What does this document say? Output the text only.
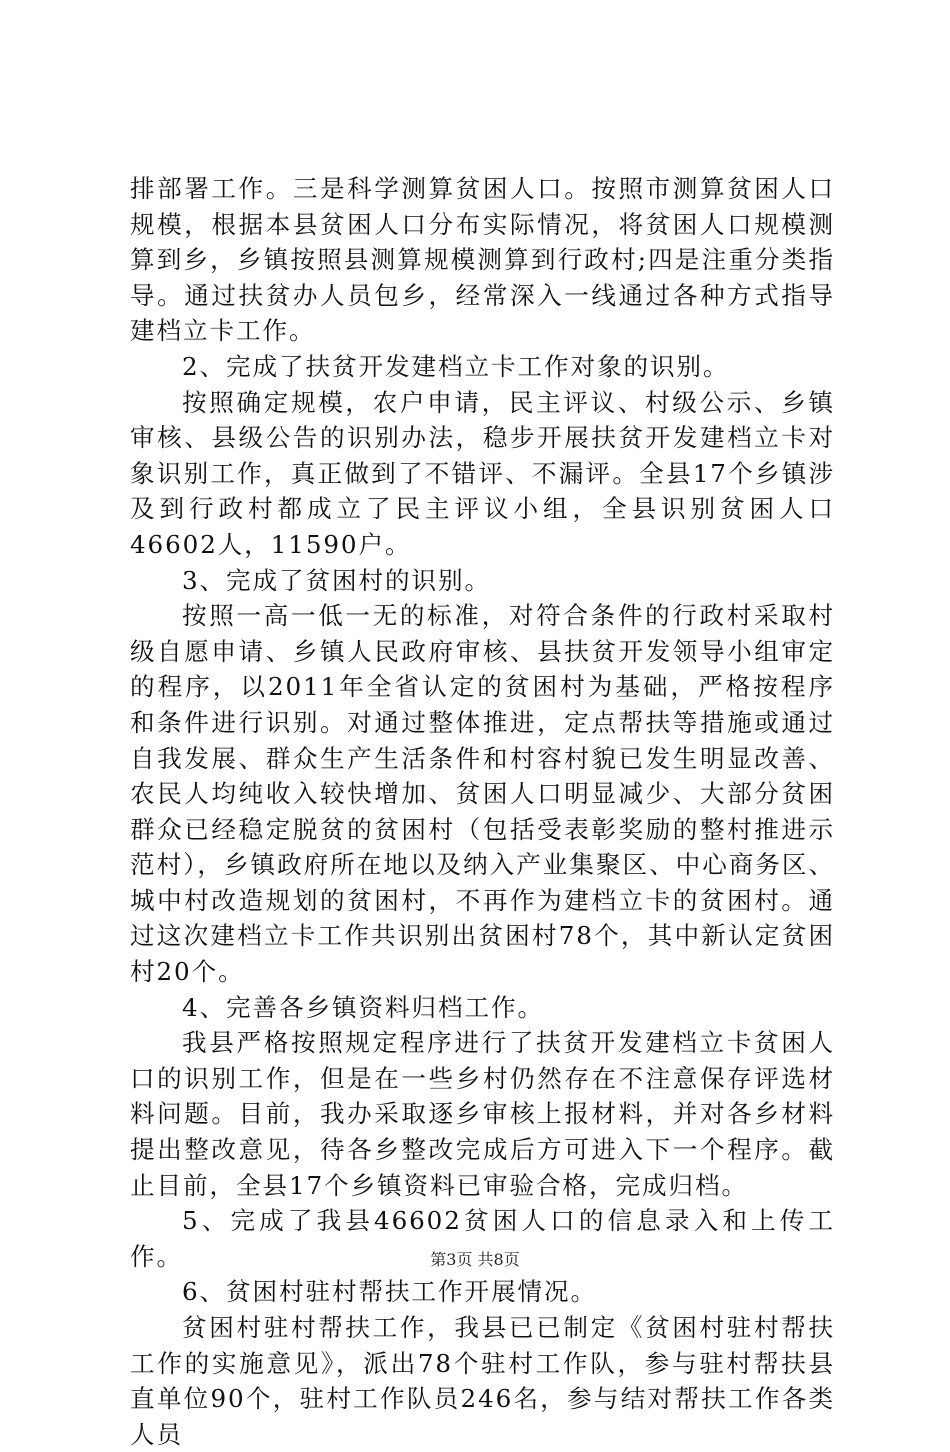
排部署工作。三是科学测算贫困人口。按照市测算贫困人口规模，根据本县贫困人口分布实际情况，将贫困人口规模测算到乡，乡镇按照县测算规模测算到行政村;四是注重分类指导。通过扶贫办人员包乡，经常深入一线通过各种方式指导建档立卡工作。

2、完成了扶贫开发建档立卡工作对象的识别。

按照确定规模，农户申请，民主评议、村级公示、乡镇审核、县级公告的识别办法，稳步开展扶贫开发建档立卡对象识别工作，真正做到了不错评、不漏评。全县17个乡镇涉及到行政村都成立了民主评议小组，全县识别贫困人口46602人，11590户。

3、完成了贫困村的识别。

按照一高一低一无的标准，对符合条件的行政村采取村级自愿申请、乡镇人民政府审核、县扶贫开发领导小组审定的程序，以2011年全省认定的贫困村为基础，严格按程序和条件进行识别。对通过整体推进，定点帮扶等措施或通过自我发展、群众生产生活条件和村容村貌已发生明显改善、农民人均纯收入较快增加、贫困人口明显减少、大部分贫困群众已经稳定脱贫的贫困村（包括受表彰奖励的整村推进示范村），乡镇政府所在地以及纳入产业集聚区、中心商务区、城中村改造规划的贫困村，不再作为建档立卡的贫困村。通过这次建档立卡工作共识别出贫困村78个，其中新认定贫困村20个。

4、完善各乡镇资料归档工作。

我县严格按照规定程序进行了扶贫开发建档立卡贫困人口的识别工作，但是在一些乡村仍然存在不注意保存评选材料问题。目前，我办采取逐乡审核上报材料，并对各乡材料提出整改意见，待各乡整改完成后方可进入下一个程序。截止目前，全县17个乡镇资料已审验合格，完成归档。

5、完成了我县46602贫困人口的信息录入和上传工作。

6、贫困村驻村帮扶工作开展情况。

贫困村驻村帮扶工作，我县已已制定《贫困村驻村帮扶工作的实施意见》，派出78个驻村工作队，参与驻村帮扶县直单位90个，驻村工作队员246名，参与结对帮扶工作各类人员

第3页 共8页
